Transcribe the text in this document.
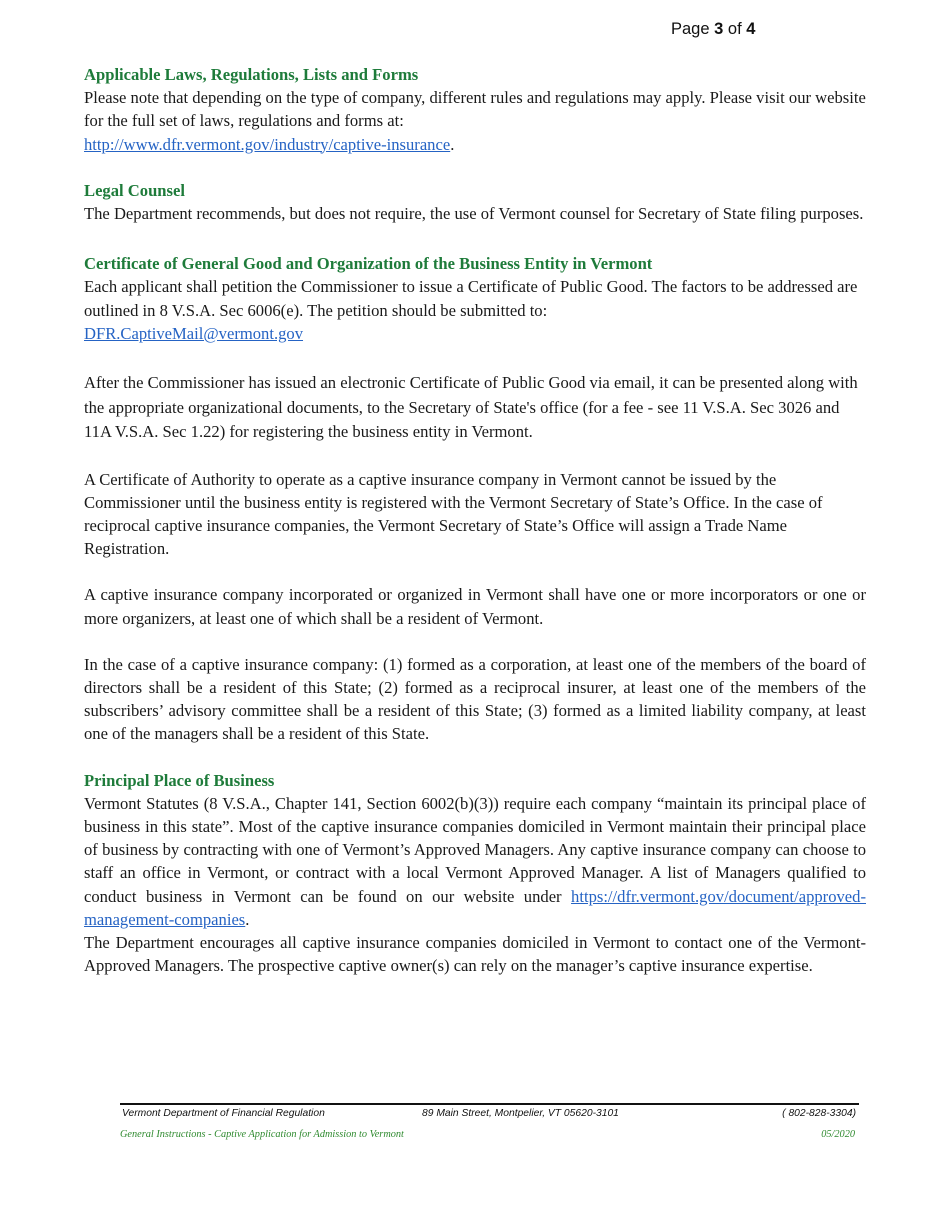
Page 3 of 4
Applicable Laws, Regulations, Lists and Forms

Please note that depending on the type of company, different rules and regulations may apply. Please visit our website for the full set of laws, regulations and forms at:
http://www.dfr.vermont.gov/industry/captive-insurance.

Legal Counsel

The Department recommends, but does not require, the use of Vermont counsel for Secretary of State filing purposes.

Certificate of General Good and Organization of the Business Entity in Vermont

Each applicant shall petition the Commissioner to issue a Certificate of Public Good. The factors to be addressed are outlined in 8 V.S.A. Sec 6006(e). The petition should be submitted to:
DFR.CaptiveMail@vermont.gov

After the Commissioner has issued an electronic Certificate of Public Good via email, it can be presented along with the appropriate organizational documents, to the Secretary of State's office (for a fee - see 11 V.S.A. Sec 3026 and 11A V.S.A. Sec 1.22) for registering the business entity in Vermont.

A Certificate of Authority to operate as a captive insurance company in Vermont cannot be issued by the Commissioner until the business entity is registered with the Vermont Secretary of State’s Office. In the case of reciprocal captive insurance companies, the Vermont Secretary of State’s Office will assign a Trade Name Registration.

A captive insurance company incorporated or organized in Vermont shall have one or more incorporators or one or more organizers, at least one of which shall be a resident of Vermont.

In the case of a captive insurance company: (1) formed as a corporation, at least one of the members of the board of directors shall be a resident of this State; (2) formed as a reciprocal insurer, at least one of the members of the subscribers’ advisory committee shall be a resident of this State; (3) formed as a limited liability company, at least one of the managers shall be a resident of this State.

Principal Place of Business

Vermont Statutes (8 V.S.A., Chapter 141, Section 6002(b)(3)) require each company “maintain its principal place of business in this state”. Most of the captive insurance companies domiciled in Vermont maintain their principal place of business by contracting with one of Vermont’s Approved Managers. Any captive insurance company can choose to staff an office in Vermont, or contract with a local Vermont Approved Manager. A list of Managers qualified to conduct business in Vermont can be found on our website under https://dfr.vermont.gov/document/approved-management-companies.

The Department encourages all captive insurance companies domiciled in Vermont to contact one of the Vermont-Approved Managers. The prospective captive owner(s) can rely on the manager’s captive insurance expertise.

Vermont Department of Financial Regulation	89 Main Street, Montpelier, VT 05620-3101	( 802-828-3304)
General Instructions - Captive Application for Admission to Vermont	05/2020
